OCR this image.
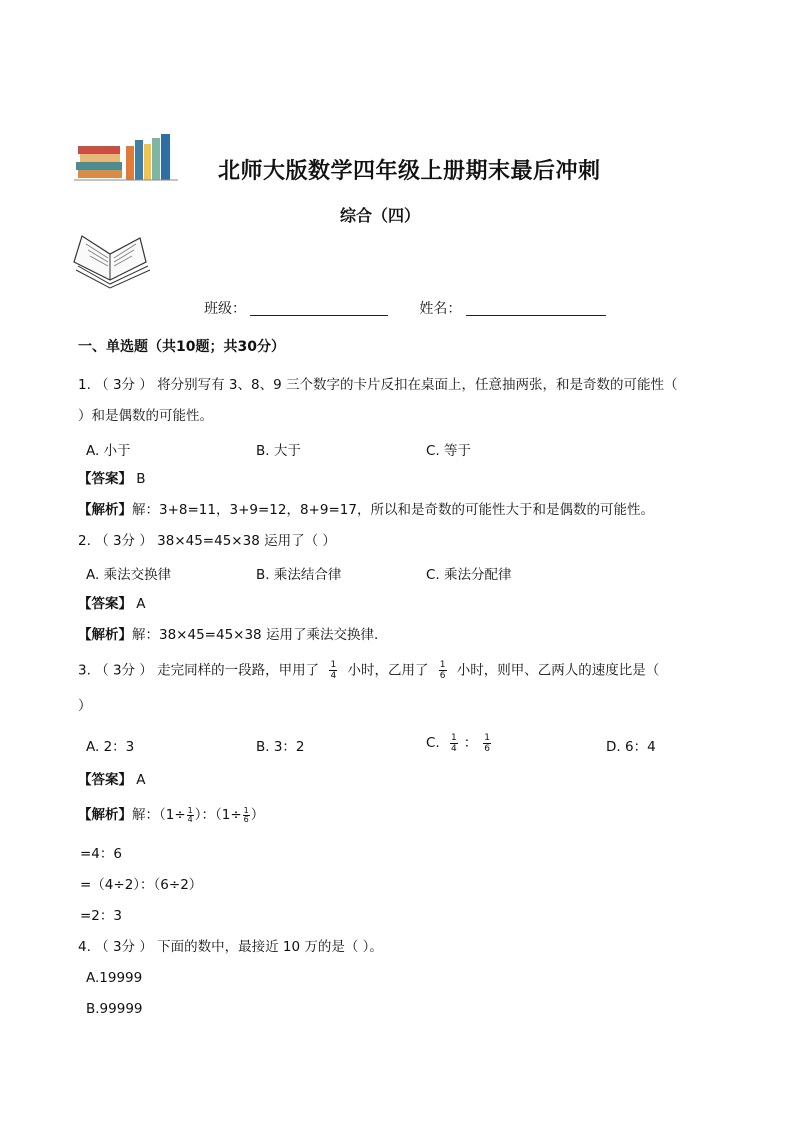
北师大版数学四年级上册期末最后冲刺
综合（四）
班级：	姓名：
一、单选题（共10题；共30分）
1. （ 3分 ） 将分别写有 3、8、9 三个数字的卡片反扣在桌面上，任意抽两张，和是奇数的可能性（
）和是偶数的可能性。
A. 小于	B. 大于	C. 等于
【答案】 B
【解析】解：3+8=11，3+9=12，8+9=17，所以和是奇数的可能性大于和是偶数的可能性。
2. （ 3分 ） 38×45=45×38 运用了（ ）
A. 乘法交换律	B. 乘法结合律	C. 乘法分配律
【答案】 A
【解析】解：38×45=45×38 运用了乘法交换律.
3. （ 3分 ） 走完同样的一段路，甲用了 $\frac{1}{4}$ 小时，乙用了 $\frac{1}{6}$ 小时，则甲、乙两人的速度比是（
）
A. 2：3	B. 3：2	C. $\frac{1}{4}$ ： $\frac{1}{6}$	D. 6：4
【答案】 A
【解析】解：（$1\div \frac{1}{4}$ ）：（$1\div \frac{1}{6}$ ）
=4：6
=（4÷2）：（6÷2）
=2：3
4. （ 3分 ） 下面的数中，最接近 10 万的是（ ）。
A.19999
B.99999
